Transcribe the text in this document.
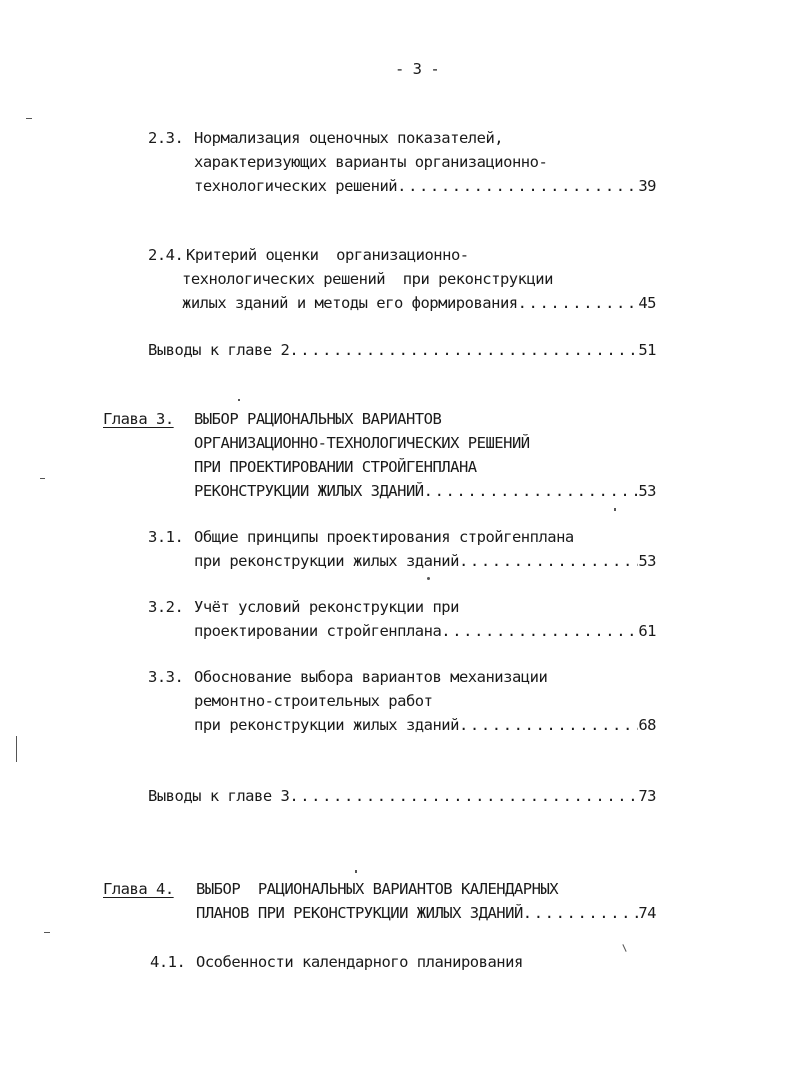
- 3 -
2.3. Нормализация оценочных показателей,
характеризующих варианты организационно-
технологических решений .....	39
2.4. Критерий оценки  организационно-
технологических решений  при реконструкции
жилых зданий и методы его формирования .....	45
Выводы к главе 2 .....	51
Глава 3. ВЫБОР РАЦИОНАЛЬНЫХ ВАРИАНТОВ
ОРГАНИЗАЦИОННО-ТЕХНОЛОГИЧЕСКИХ РЕШЕНИЙ
ПРИ ПРОЕКТИРОВАНИИ СТРОЙГЕНПЛАНА
РЕКОНСТРУКЦИИ ЖИЛЫХ ЗДАНИЙ .....	53
3.1. Общие принципы проектирования стройгенплана
при реконструкции жилых зданий .....	53
3.2. Учёт условий реконструкции при
проектировании стройгенплана .....	61
3.3. Обоснование выбора вариантов механизации
ремонтно-строительных работ
при реконструкции жилых зданий .....	68
Выводы к главе 3 .....	73
Глава 4. ВЫБОР  РАЦИОНАЛЬНЫХ ВАРИАНТОВ КАЛЕНДАРНЫХ
ПЛАНОВ ПРИ РЕКОНСТРУКЦИИ ЖИЛЫХ ЗДАНИЙ .....	74
4.1. Особенности календарного планирования
